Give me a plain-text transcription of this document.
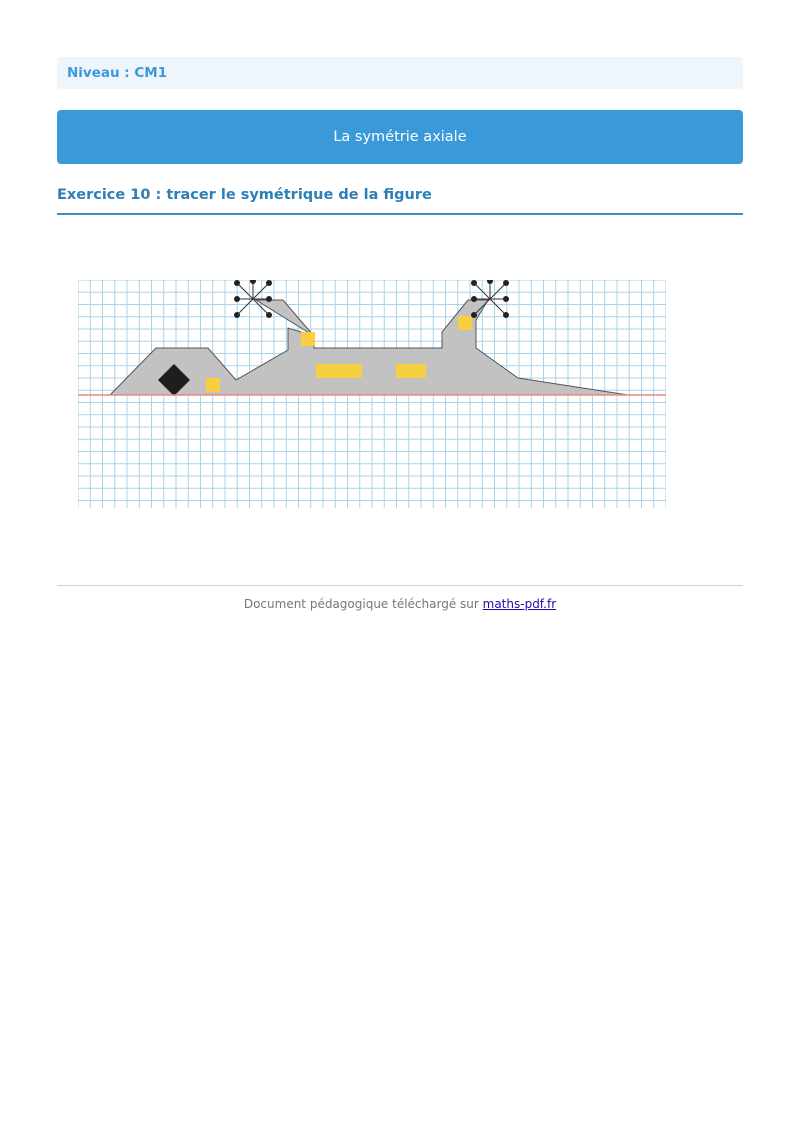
Niveau : CM1
La symétrie axiale
Exercice 10 : tracer le symétrique de la figure
Document pédagogique téléchargé sur maths-pdf.fr
